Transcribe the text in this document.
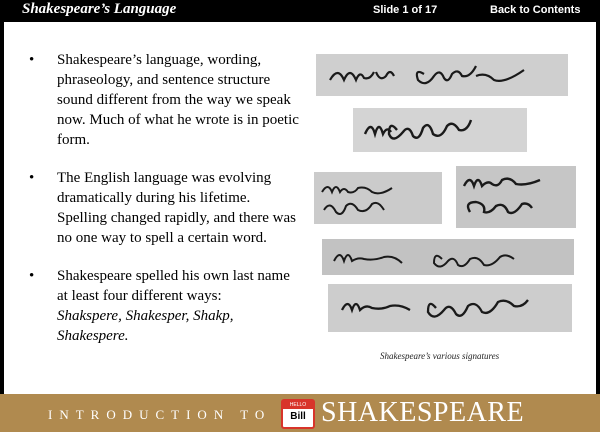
Shakespeare’s Language	Slide 1 of 17	Back to Contents
• Shakespeare’s language, wording, phraseology, and sentence structure sound different from the way we speak now. Much of what he wrote is in poetic form.
• The English language was evolving dramatically during his lifetime. Spelling changed rapidly, and there was no one way to spell a certain word.
• Shakespeare spelled his own last name at least four different ways:
Shakspere, Shakesper, Shakp, Shakespere.
Shakespeare’s various signatures
INTRODUCTION TO
HELLO
Bill SHAKESPEARE
